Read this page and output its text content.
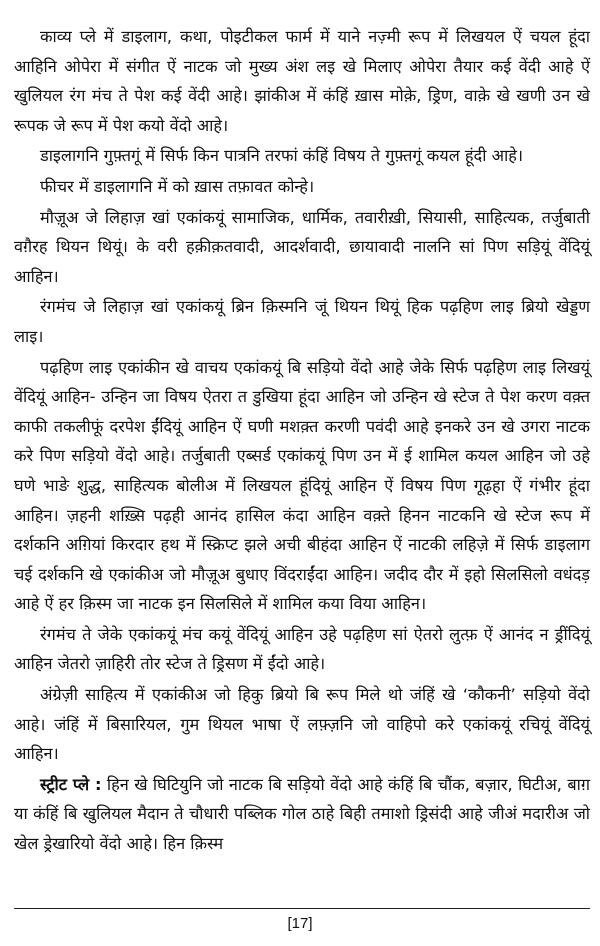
काव्य प्ले में डाइलाग, कथा, पोइटीकल फार्म में याने नज़्मी रूप में लिखयल ऐं चयल हूंदा आहिनि ओपेरा में संगीत ऐं नाटक जो मुख्य अंश लइ खे मिलाए ओपेरा तैयार कई वेंदी आहे ऐं खुलियल रंग मंच ते पेश कई वेंदी आहे। झांकीअ में कंहिं ख़ास मोक़े, ड्रिण, वाक़े खे खणी उन खे रूपक जे रूप में पेश कयो वेंदो आहे।

डाइलागनि गुफ़्तगूं में सिर्फ किन पात्रनि तरफां कंहिं विषय ते गुफ़्तगूं कयल हूंदी आहे।

फीचर में डाइलागनि में को ख़ास तफ़ावत कोन्हे।

मौज़ूअ जे लिहाज़ खां एकांकयूं सामाजिक, धार्मिक, तवारीख़ी, सियासी, साहित्यक, तर्जुबाती वग़ैरह थियन थियूं। के वरी हक़ीक़तवादी, आदर्शवादी, छायावादी नालनि सां पिण सड़ियूं वेंदियूं आहिन।

रंगमंच जे लिहाज़ खां एकांकयूं ब्रिन क़िस्मनि जूं थियन थियूं हिक पढ़हिण लाइ ब्रियो खेड्डण लाइ।

पढ़हिण लाइ एकांकीन खे वाचय एकांकयूं बि सड़ियो वेंदो आहे जेके सिर्फ पढ़हिण लाइ लिखयूं वेंदियूं आहिन- उन्हिन जा विषय ऐतरा त डुखिया हूंदा आहिन जो उन्हिन खे स्टेज ते पेश करण वक़्त काफी तकलीफूं दरपेश ईंदियूं आहिन ऐं घणी मशक़्त करणी पवंदी आहे इनकरे उन खे उगरा नाटक करे पिण सड़ियो वेंदो आहे। तर्जुबाती एब्सर्ड एकांकयूं पिण उन में ई शामिल कयल आहिन जो उहे घणे भाङे शुद्ध, साहित्यक बोलीअ में लिखयल हूंदियूं आहिन ऐं विषय पिण गूढ़हा ऐं गंभीर हूंदा आहिन। ज़हनी शख़्सि पढ़ही आनंद हासिल कंदा आहिन वक़्ते हिनन नाटकनि खे स्टेज रूप में दर्शकनि अग़ियां किरदार हथ में स्क्रिप्ट झले अची बीहंदा आहिन ऐं नाटकी लहिज़े में सिर्फ डाइलाग चई दर्शकनि खे एकांकीअ जो मौज़ूअ बुधाए विंदराईंदा आहिन। जदीद दौर में इहो सिलसिलो वधंदड़ आहे ऐं हर क़िस्म जा नाटक इन सिलसिले में शामिल कया विया आहिन।

रंगमंच ते जेके एकांकयूं मंच कयूं वेंदियूं आहिन उहे पढ़हिण सां ऐतरो लुत्फ़ ऐं आनंद न ड्रींदियूं आहिन जेतरो ज़ाहिरी तोर स्टेज ते ड्रिसण में ईंदो आहे।

अंग्रेज़ी साहित्य में एकांकीअ जो हिकु ब्रियो बि रूप मिले थो जंहिं खे ‘कौकनी’ सड़ियो वेंदो आहे। जंहिं में बिसारियल, गुम थियल भाषा ऐं लफ़्ज़नि जो वाहिपो करे एकांकयूं रचियूं वेंदियूं आहिन।

स्ट्रीट प्ले : हिन खे घिटियुनि जो नाटक बि सड़ियो वेंदो आहे कंहिं बि चौंक, बज़ार, घिटीअ, बाग़ या कंहिं बि खुलियल मैदान ते चौधारी पब्लिक गोल ठाहे बिही तमाशो ड्रिसंदी आहे जीअं मदारीअ जो खेल ड्रेखारियो वेंदो आहे। हिन क़िस्म

[17]
